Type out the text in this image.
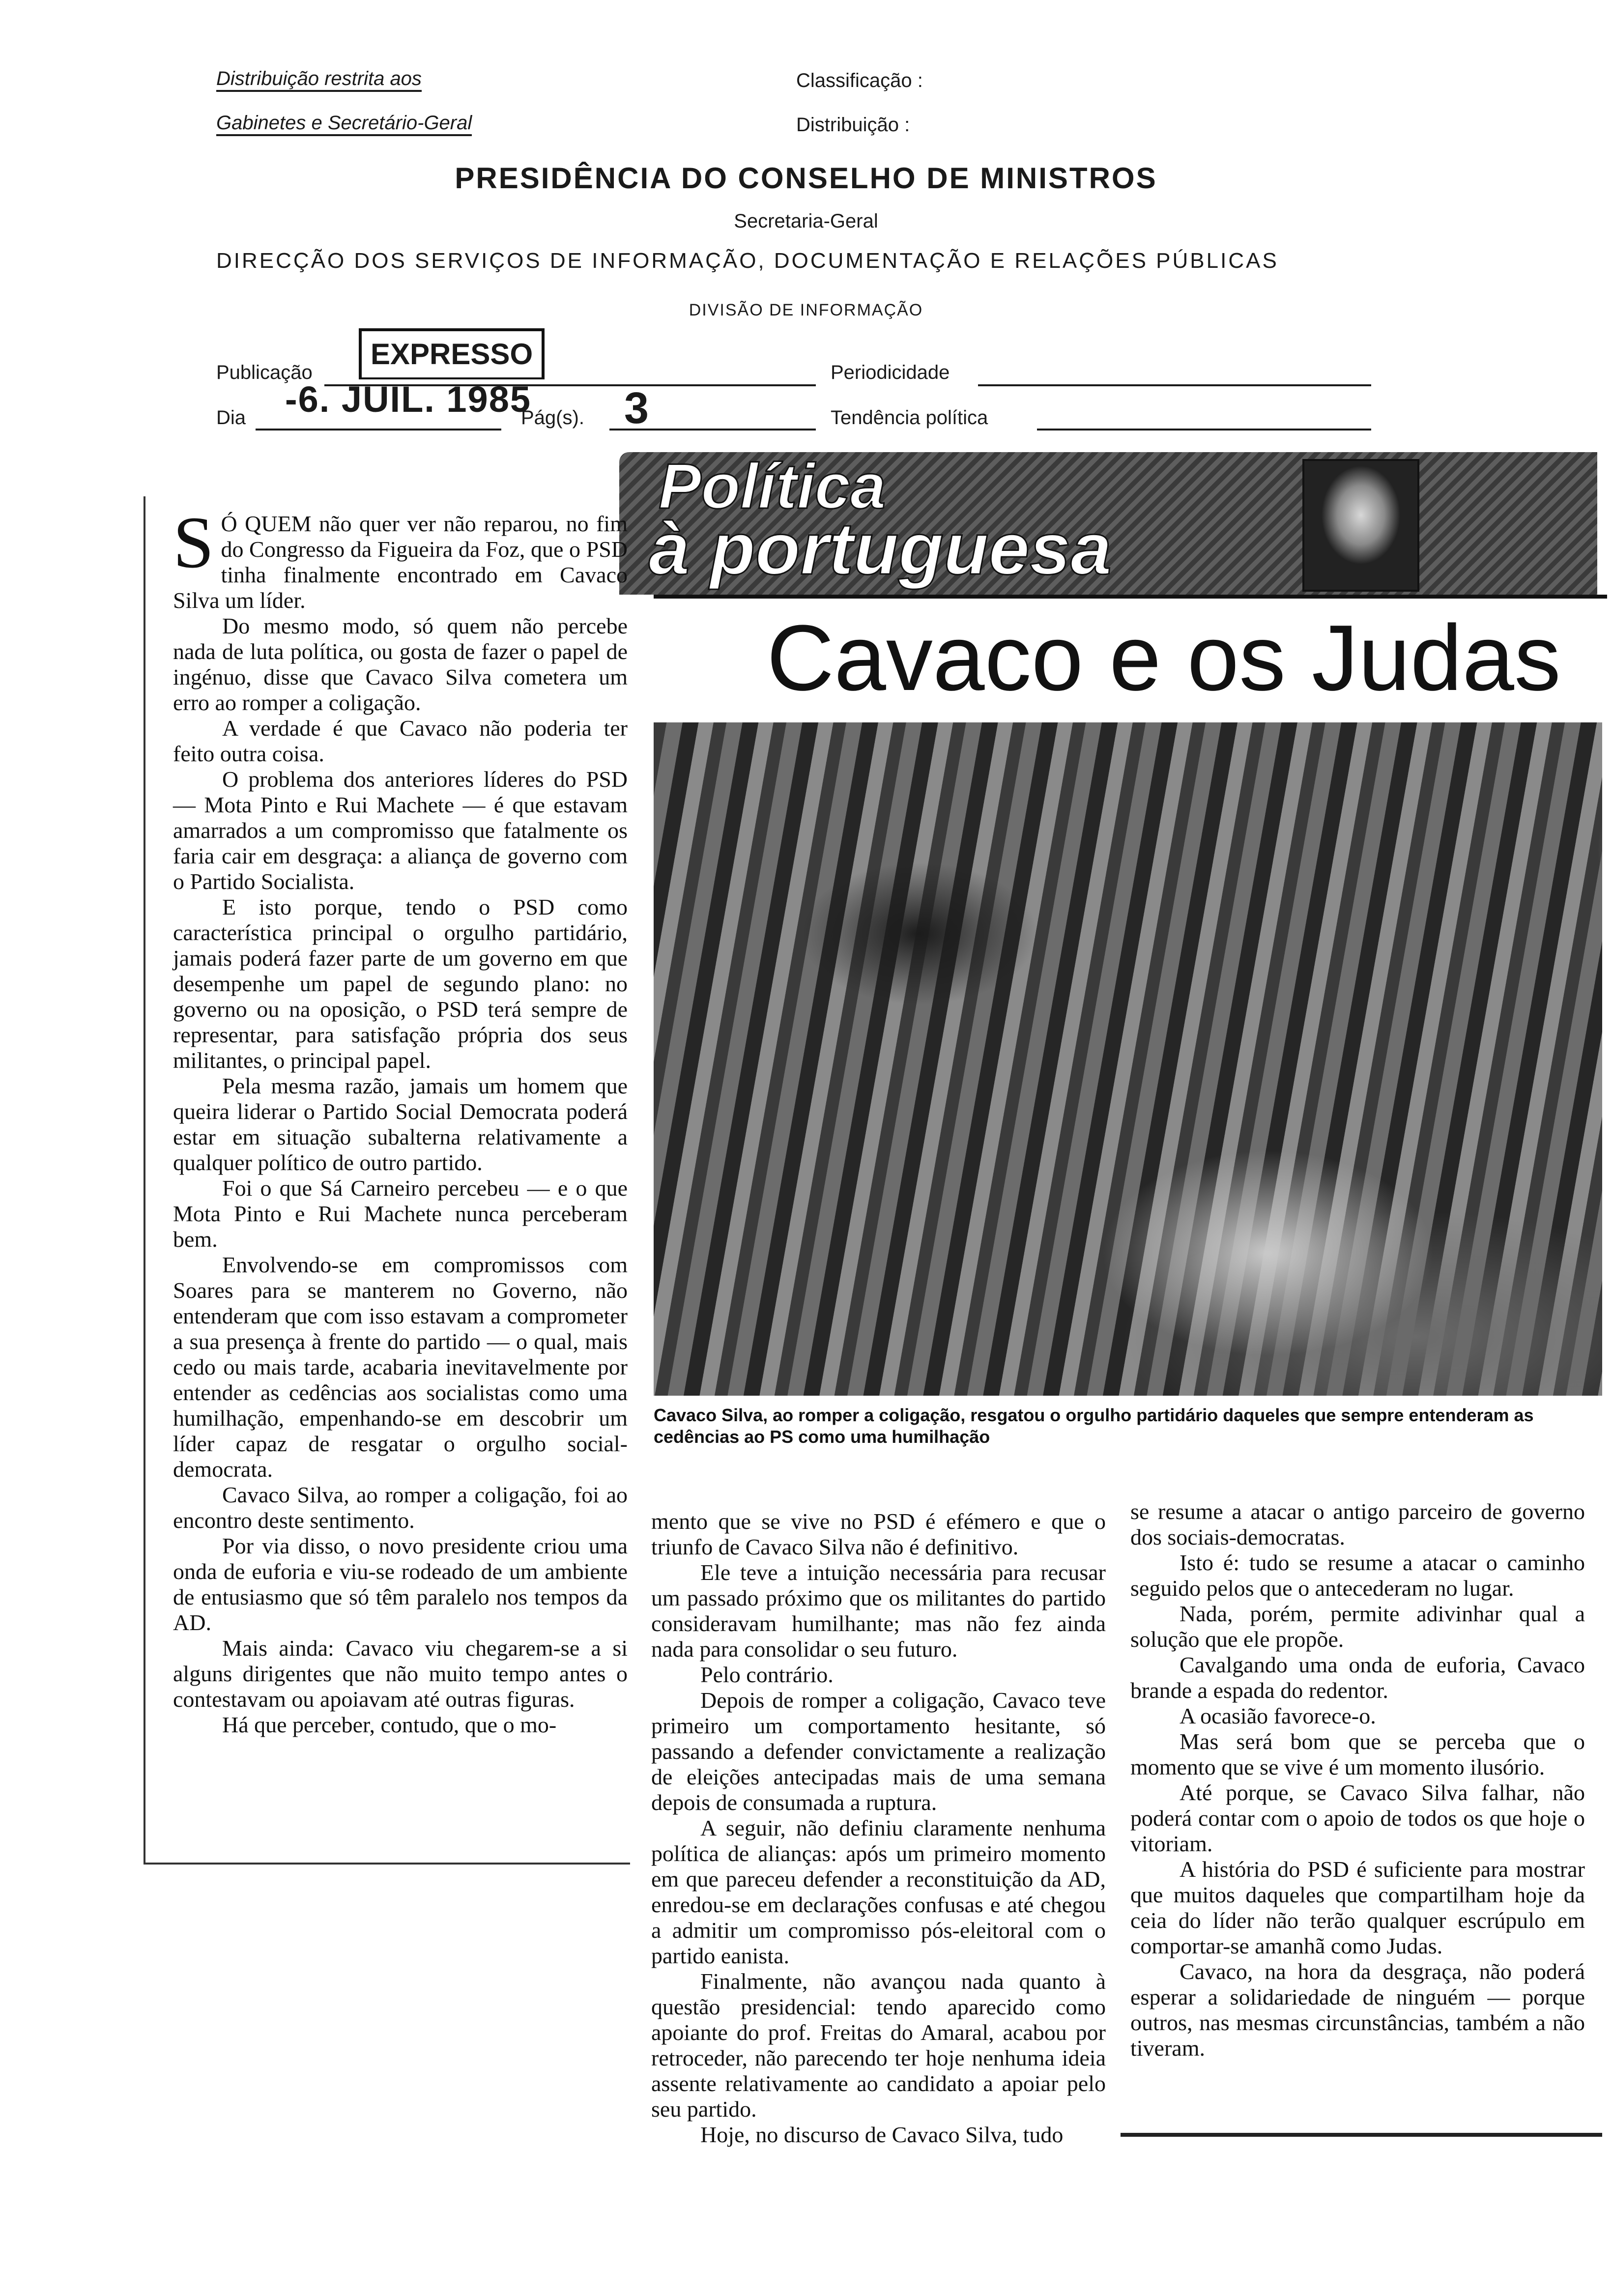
Distribuição restrita aos
Gabinetes e Secretário-Geral
Classificação :
Distribuição :
PRESIDÊNCIA DO CONSELHO DE MINISTROS
Secretaria-Geral
DIRECÇÃO DOS SERVIÇOS DE INFORMAÇÃO, DOCUMENTAÇÃO E RELAÇÕES PÚBLICAS
DIVISÃO DE INFORMAÇÃO
Publicação
EXPRESSO
Periodicidade
Dia -6. JUIL. 1985
Pág(s). 3	Tendência política
Política
à portuguesa
Cavaco e os Judas
Cavaco Silva, ao romper a coligação, resgatou o orgulho partidário daqueles que sempre entenderam as cedências ao PS como uma humilhação
S Ó QUEM não quer ver não reparou, no fim do Congresso da Figueira da Foz, que o PSD tinha finalmente encontrado em Cavaco Silva um líder.

Do mesmo modo, só quem não percebe nada de luta política, ou gosta de fazer o papel de ingénuo, disse que Cavaco Silva cometera um erro ao romper a coligação.

A verdade é que Cavaco não poderia ter feito outra coisa.

O problema dos anteriores líderes do PSD — Mota Pinto e Rui Machete — é que estavam amarrados a um compromisso que fatalmente os faria cair em desgraça: a aliança de governo com o Partido Socialista.

E isto porque, tendo o PSD como característica principal o orgulho partidário, jamais poderá fazer parte de um governo em que desempenhe um papel de segundo plano: no governo ou na oposição, o PSD terá sempre de representar, para satisfação própria dos seus militantes, o principal papel.

Pela mesma razão, jamais um homem que queira liderar o Partido Social Democrata poderá estar em situação subalterna relativamente a qualquer político de outro partido.

Foi o que Sá Carneiro percebeu — e o que Mota Pinto e Rui Machete nunca perceberam bem.

Envolvendo-se em compromissos com Soares para se manterem no Governo, não entenderam que com isso estavam a comprometer a sua presença à frente do partido — o qual, mais cedo ou mais tarde, acabaria inevitavelmente por entender as cedências aos socialistas como uma humilhação, empenhando-se em descobrir um líder capaz de resgatar o orgulho social-democrata.

Cavaco Silva, ao romper a coligação, foi ao encontro deste sentimento.

Por via disso, o novo presidente criou uma onda de euforia e viu-se rodeado de um ambiente de entusiasmo que só têm paralelo nos tempos da AD.

Mais ainda: Cavaco viu chegarem-se a si alguns dirigentes que não muito tempo antes o contestavam ou apoiavam até outras figuras.

Há que perceber, contudo, que o mo-

mento que se vive no PSD é efémero e que o triunfo de Cavaco Silva não é definitivo.

Ele teve a intuição necessária para recusar um passado próximo que os militantes do partido consideravam humilhante; mas não fez ainda nada para consolidar o seu futuro.

Pelo contrário.

Depois de romper a coligação, Cavaco teve primeiro um comportamento hesitante, só passando a defender convictamente a realização de eleições antecipadas mais de uma semana depois de consumada a ruptura.

A seguir, não definiu claramente nenhuma política de alianças: após um primeiro momento em que pareceu defender a reconstituição da AD, enredou-se em declarações confusas e até chegou a admitir um compromisso pós-eleitoral com o partido eanista.

Finalmente, não avançou nada quanto à questão presidencial: tendo aparecido como apoiante do prof. Freitas do Amaral, acabou por retroceder, não parecendo ter hoje nenhuma ideia assente relativamente ao candidato a apoiar pelo seu partido.

Hoje, no discurso de Cavaco Silva, tudo

se resume a atacar o antigo parceiro de governo dos sociais-democratas.

Isto é: tudo se resume a atacar o caminho seguido pelos que o antecederam no lugar.

Nada, porém, permite adivinhar qual a solução que ele propõe.

Cavalgando uma onda de euforia, Cavaco brande a espada do redentor.

A ocasião favorece-o.

Mas será bom que se perceba que o momento que se vive é um momento ilusório.

Até porque, se Cavaco Silva falhar, não poderá contar com o apoio de todos os que hoje o vitoriam.

A história do PSD é suficiente para mostrar que muitos daqueles que compartilham hoje da ceia do líder não terão qualquer escrúpulo em comportar-se amanhã como Judas.

Cavaco, na hora da desgraça, não poderá esperar a solidariedade de ninguém — porque outros, nas mesmas circunstâncias, também a não tiveram.
